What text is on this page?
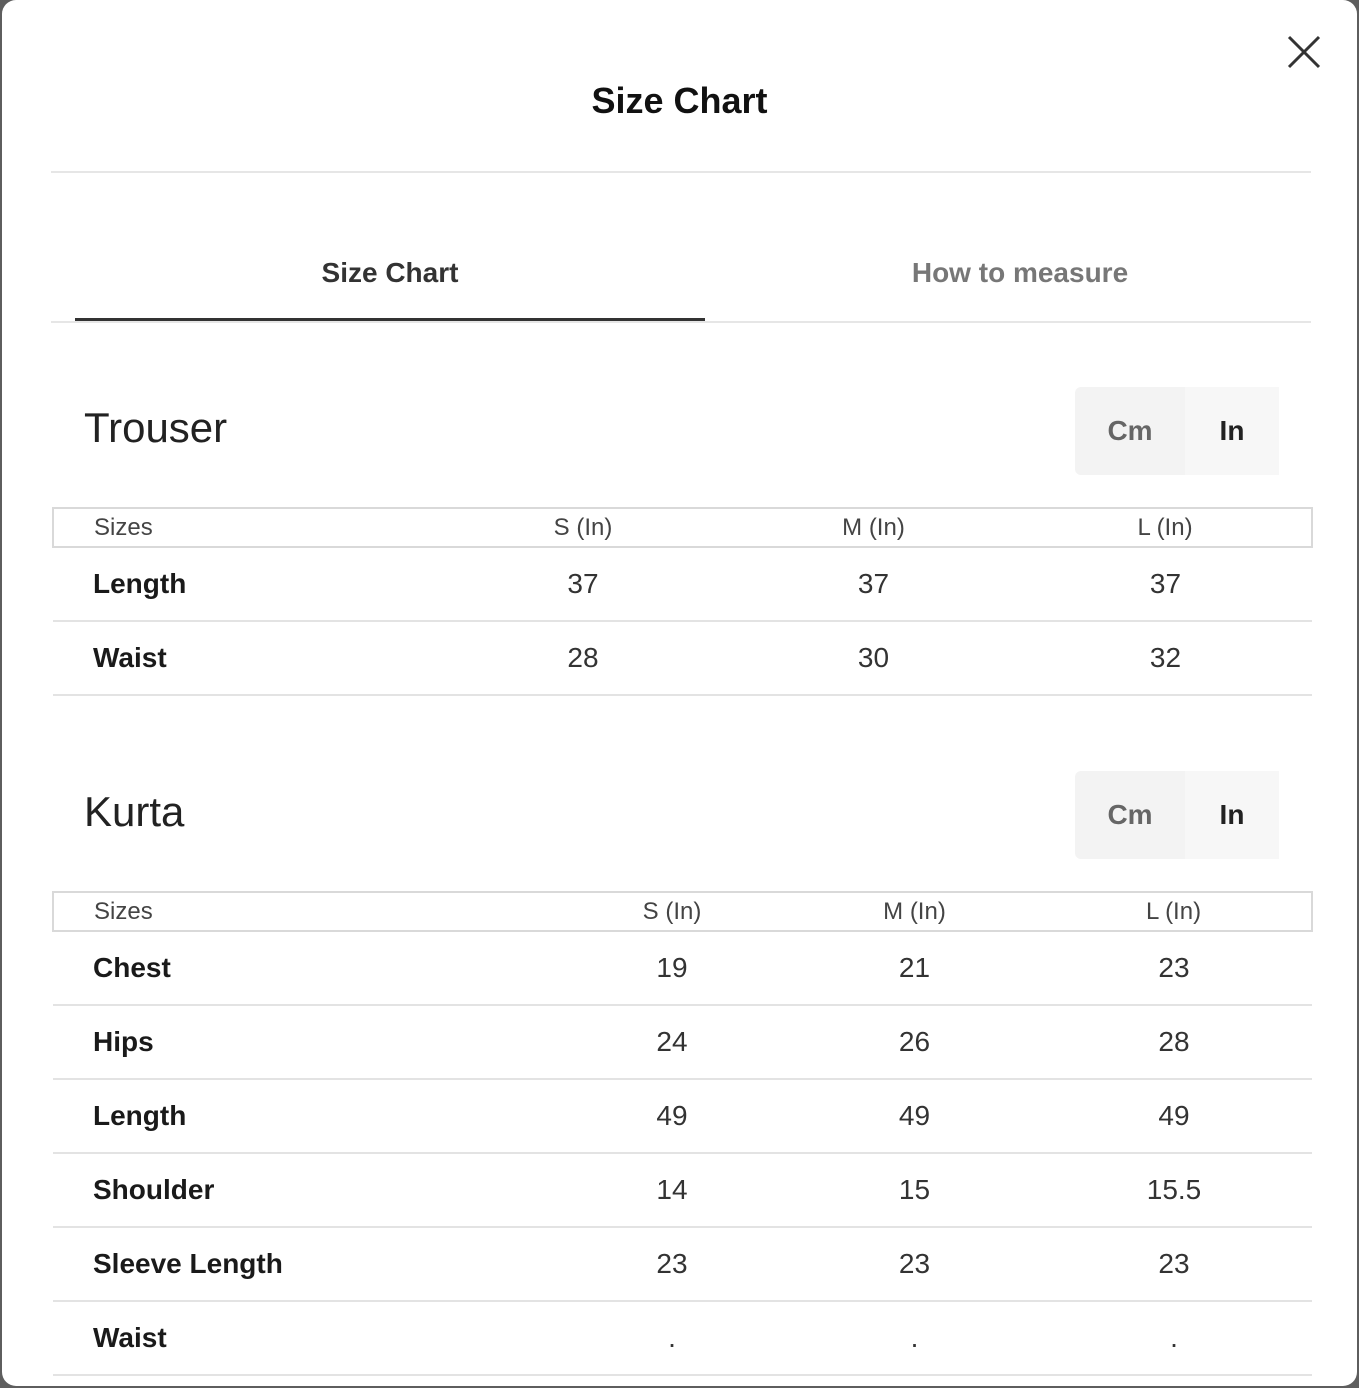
Size Chart
Size Chart	How to measure
Trouser	Cm	In
Sizes	S (In)	M (In)	L (In)
Length	37	37	37
Waist	28	30	32
Kurta	Cm	In
Sizes	S (In)	M (In)	L (In)
Chest	19	21	23
Hips	24	26	28
Length	49	49	49
Shoulder	14	15	15.5
Sleeve Length	23	23	23
Waist	.	.	.
